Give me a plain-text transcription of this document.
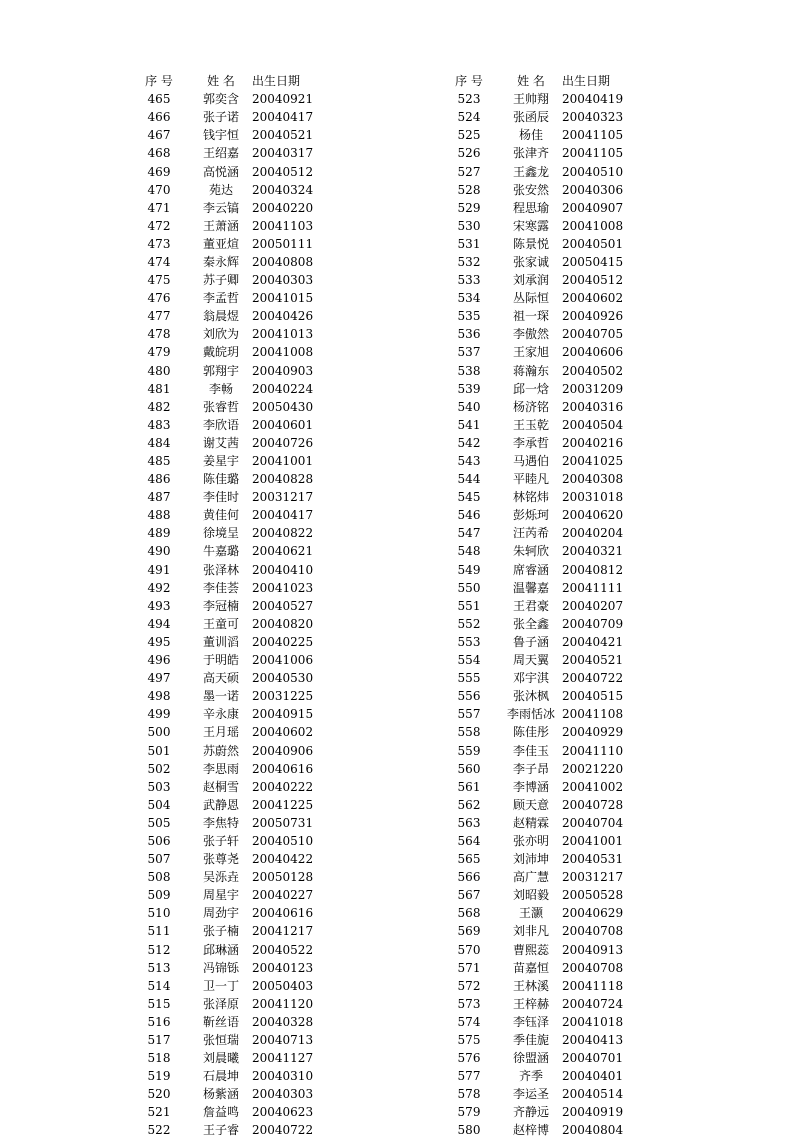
序 号	姓 名	出生日期
465	郭奕含	20040921
466	张子诺	20040417
467	钱宇恒	20040521
468	王绍嘉	20040317
469	高悦涵	20040512
470	苑达	20040324
471	李云镐	20040220
472	王萧涵	20041103
473	董亚煊	20050111
474	秦永辉	20040808
475	苏子卿	20040303
476	李孟哲	20041015
477	翁晨煜	20040426
478	刘欣为	20041013
479	戴皖玥	20041008
480	郭翔宇	20040903
481	李畅	20040224
482	张睿哲	20050430
483	李欣语	20040601
484	谢艾茜	20040726
485	姜星宇	20041001
486	陈佳璐	20040828
487	李佳时	20031217
488	黄佳何	20040417
489	徐境呈	20040822
490	牛嘉璐	20040621
491	张泽林	20040410
492	李佳荟	20041023
493	李冠楠	20040527
494	王童可	20040820
495	董训滔	20040225
496	于明皓	20041006
497	高天硕	20040530
498	墨一诺	20031225
499	辛永康	20040915
500	王月瑶	20040602
501	苏蔚然	20040906
502	李思雨	20040616
503	赵桐雪	20040222
504	武静恩	20041225
505	李焦特	20050731
506	张子轩	20040510
507	张尊尧	20040422
508	吴泺垚	20050128
509	周星宇	20040227
510	周劲宇	20040616
511	张子楠	20041217
512	邱琳涵	20040522
513	冯锦铄	20040123
514	卫一丁	20050403
515	张泽原	20041120
516	靳丝语	20040328
517	张恒瑞	20040713
518	刘晨曦	20041127
519	石晨坤	20040310
520	杨紫涵	20040303
521	詹益鸣	20040623
522	王子睿	20040722
序 号	姓 名	出生日期
523	王帅翔	20040419
524	张函辰	20040323
525	杨佳	20041105
526	张津齐	20041105
527	王鑫龙	20040510
528	张安然	20040306
529	程思瑜	20040907
530	宋寒露	20041008
531	陈景悦	20040501
532	张家诚	20050415
533	刘承润	20040512
534	丛际恒	20040602
535	祖一琛	20040926
536	李傲然	20040705
537	王家旭	20040606
538	蒋瀚东	20040502
539	邱一焓	20031209
540	杨济铭	20040316
541	王玉乾	20040504
542	李承哲	20040216
543	马遇伯	20041025
544	平睦凡	20040308
545	林铭炜	20031018
546	彭烁珂	20040620
547	汪芮希	20040204
548	朱轲欣	20040321
549	席睿涵	20040812
550	温馨嘉	20041111
551	王君豪	20040207
552	张全鑫	20040709
553	鲁子涵	20040421
554	周天翼	20040521
555	邓宇淇	20040722
556	张沐枫	20040515
557	李雨恬冰	20041108
558	陈佳彤	20040929
559	李佳玉	20041110
560	李子昂	20021220
561	李博涵	20041002
562	顾天意	20040728
563	赵精霖	20040704
564	张亦明	20041001
565	刘沛坤	20040531
566	高广慧	20031217
567	刘昭毅	20050528
568	王灏	20040629
569	刘非凡	20040708
570	曹熙蕊	20040913
571	苗嘉恒	20040708
572	王林溪	20041118
573	王梓赫	20040724
574	李钰泽	20041018
575	季佳旎	20040413
576	徐盟涵	20040701
577	齐季	20040401
578	李运圣	20040514
579	齐静远	20040919
580	赵梓博	20040804
